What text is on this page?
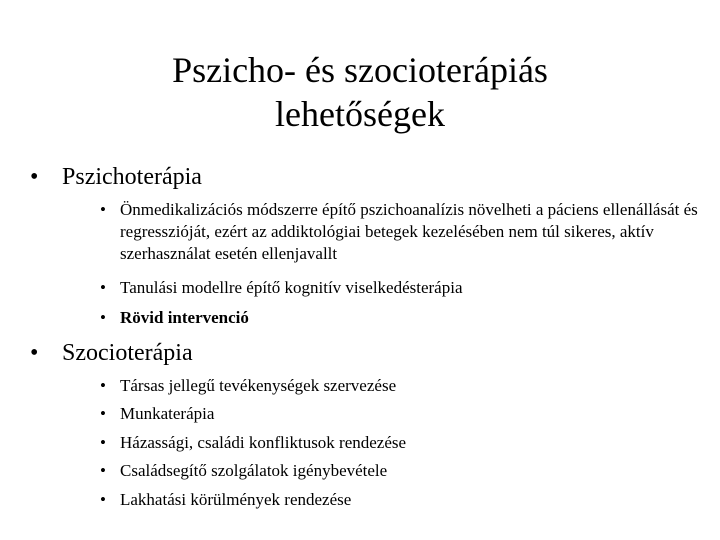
Pszicho- és szocioterápiás
lehetőségek
• Pszichoterápia
• Önmedikalizációs módszerre építő pszichoanalízis növelheti a páciens ellenállását és regresszióját, ezért az addiktológiai betegek kezelésében nem túl sikeres, aktív szerhasználat esetén ellenjavallt
• Tanulási modellre építő kognitív viselkedésterápia
• Rövid intervenció
• Szocioterápia
• Társas jellegű tevékenységek szervezése
• Munkaterápia
• Házassági, családi konfliktusok rendezése
• Családsegítő szolgálatok igénybevétele
• Lakhatási körülmények rendezése
